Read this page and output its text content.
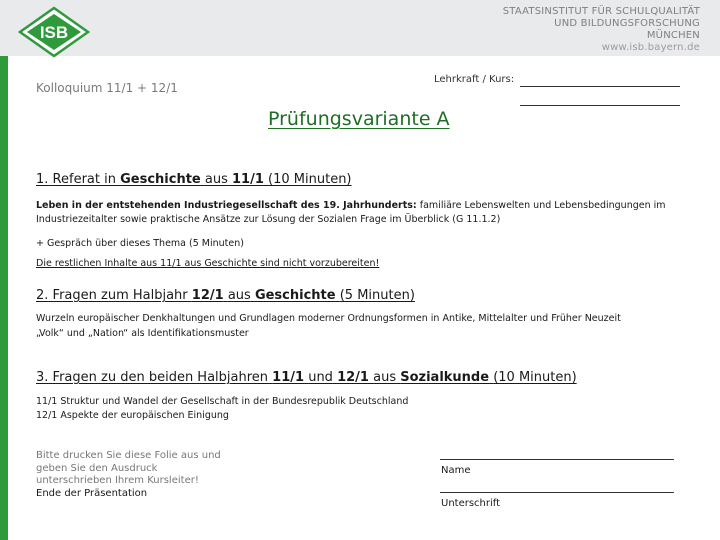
ISB
STAATSINSTITUT FÜR SCHULQUALITÄT
UND BILDUNGSFORSCHUNG
MÜNCHEN
www.isb.bayern.de
Kolloquium 11/1 + 12/1
Lehrkraft / Kurs:
Prüfungsvariante A
1. Referat in Geschichte aus 11/1 (10 Minuten)
Leben in der entstehenden Industriegesellschaft des 19. Jahrhunderts: familiäre Lebenswelten und Lebensbedingungen im Industriezeitalter sowie praktische Ansätze zur Lösung der Sozialen Frage im Überblick (G 11.1.2)
+ Gespräch über dieses Thema (5 Minuten)
Die restlichen Inhalte aus 11/1 aus Geschichte sind nicht vorzubereiten!
2. Fragen zum Halbjahr 12/1 aus Geschichte (5 Minuten)
Wurzeln europäischer Denkhaltungen und Grundlagen moderner Ordnungsformen in Antike, Mittelalter und Früher Neuzeit
„Volk“ und „Nation“ als Identifikationsmuster
3. Fragen zu den beiden Halbjahren 11/1 und 12/1 aus Sozialkunde (10 Minuten)
11/1 Struktur und Wandel der Gesellschaft in der Bundesrepublik Deutschland
12/1 Aspekte der europäischen Einigung
Bitte drucken Sie diese Folie aus und
geben Sie den Ausdruck
unterschrieben Ihrem Kursleiter!
Ende der Präsentation
Name
Unterschrift
